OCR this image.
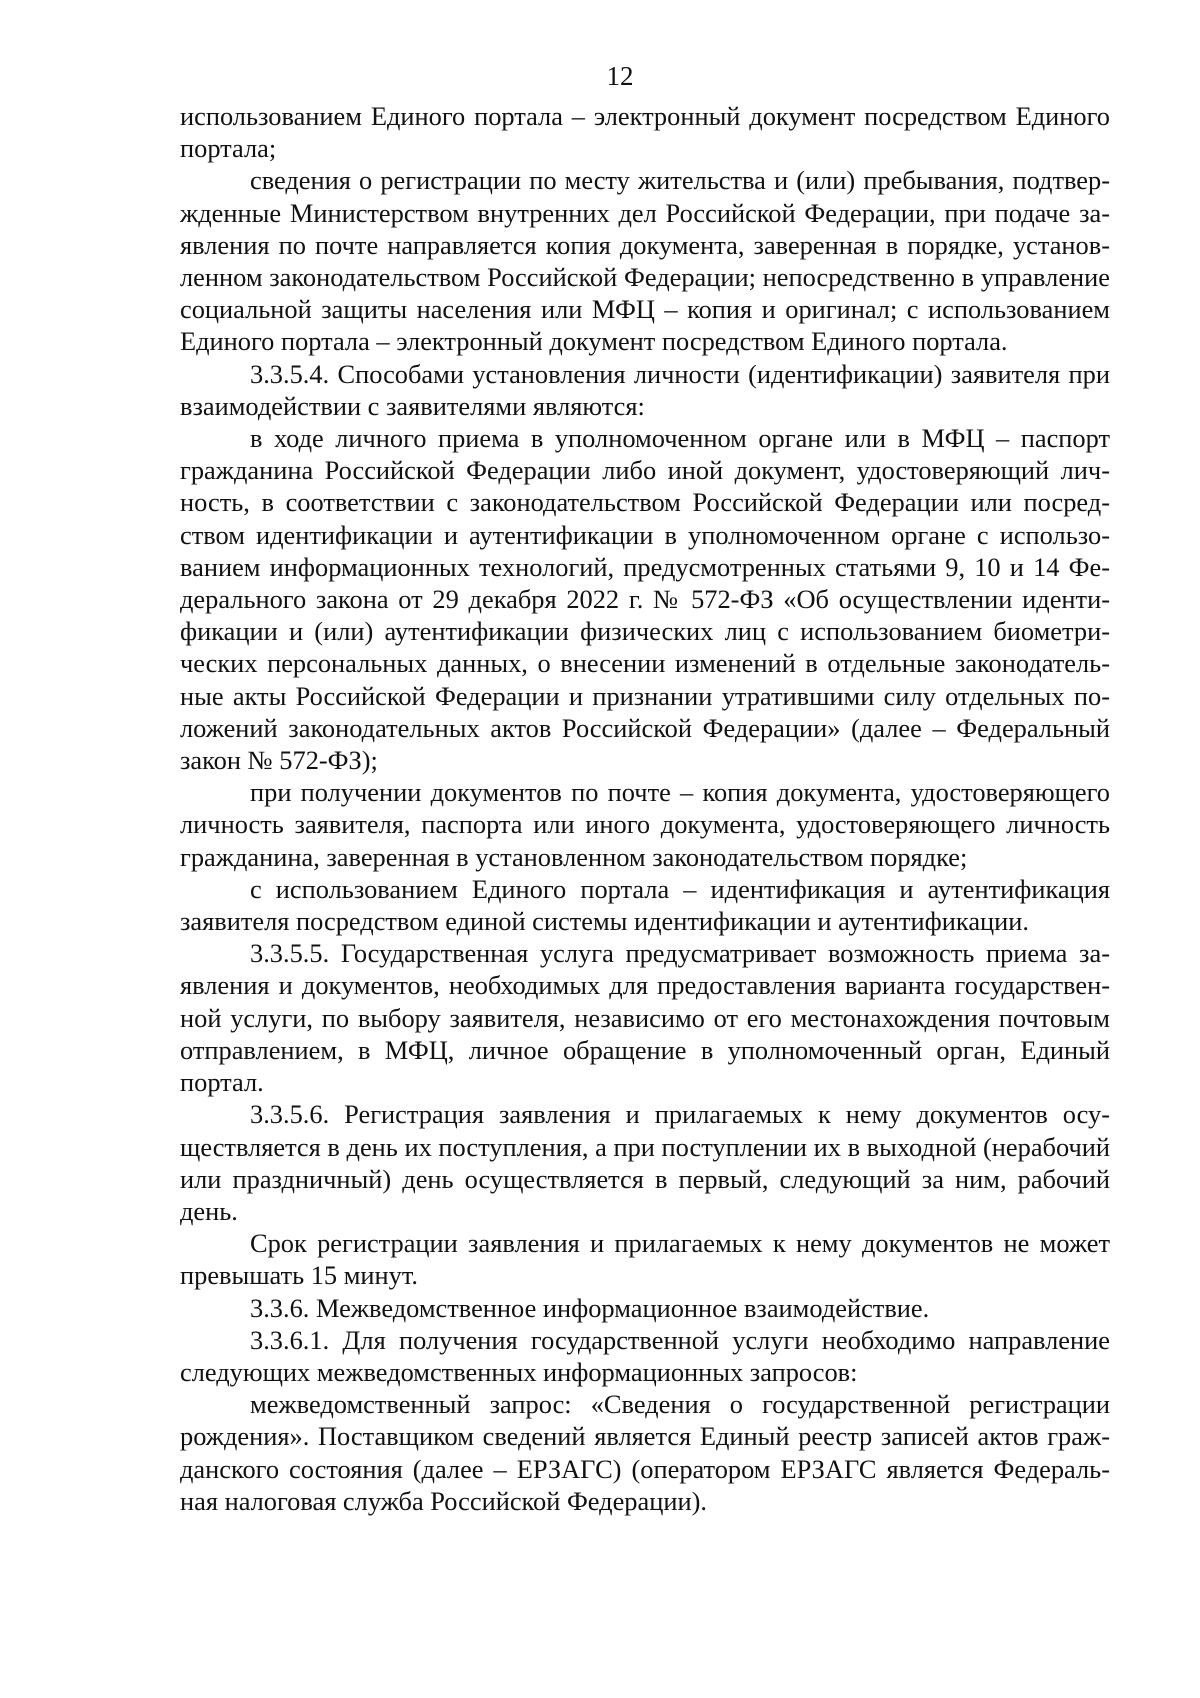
12

использованием Единого портала – электронный документ посредством Единого портала;

сведения о регистрации по месту жительства и (или) пребывания, подтвержденные Министерством внутренних дел Российской Федерации, при подаче заявления по почте направляется копия документа, заверенная в порядке, установленном законодательством Российской Федерации; непосредственно в управление социальной защиты населения или МФЦ – копия и оригинал; с использованием Единого портала – электронный документ посредством Единого портала.

3.3.5.4. Способами установления личности (идентификации) заявителя при взаимодействии с заявителями являются:

в ходе личного приема в уполномоченном органе или в МФЦ – паспорт гражданина Российской Федерации либо иной документ, удостоверяющий личность, в соответствии с законодательством Российской Федерации или посредством идентификации и аутентификации в уполномоченном органе с использованием информационных технологий, предусмотренных статьями 9, 10 и 14 Федерального закона от 29 декабря 2022 г. № 572-ФЗ «Об осуществлении идентификации и (или) аутентификации физических лиц с использованием биометрических персональных данных, о внесении изменений в отдельные законодательные акты Российской Федерации и признании утратившими силу отдельных положений законодательных актов Российской Федерации» (далее – Федеральный закон № 572-ФЗ);

при получении документов по почте – копия документа, удостоверяющего личность заявителя, паспорта или иного документа, удостоверяющего личность гражданина, заверенная в установленном законодательством порядке;

с использованием Единого портала – идентификация и аутентификация заявителя посредством единой системы идентификации и аутентификации.

3.3.5.5. Государственная услуга предусматривает возможность приема заявления и документов, необходимых для предоставления варианта государственной услуги, по выбору заявителя, независимо от его местонахождения почтовым отправлением, в МФЦ, личное обращение в уполномоченный орган, Единый портал.

3.3.5.6. Регистрация заявления и прилагаемых к нему документов осуществляется в день их поступления, а при поступлении их в выходной (нерабочий или праздничный) день осуществляется в первый, следующий за ним, рабочий день.

Срок регистрации заявления и прилагаемых к нему документов не может превышать 15 минут.

3.3.6. Межведомственное информационное взаимодействие.

3.3.6.1. Для получения государственной услуги необходимо направление следующих межведомственных информационных запросов:

межведомственный запрос: «Сведения о государственной регистрации рождения». Поставщиком сведений является Единый реестр записей актов гражданского состояния (далее – ЕРЗАГС) (оператором ЕРЗАГС является Федеральная налоговая служба Российской Федерации).
